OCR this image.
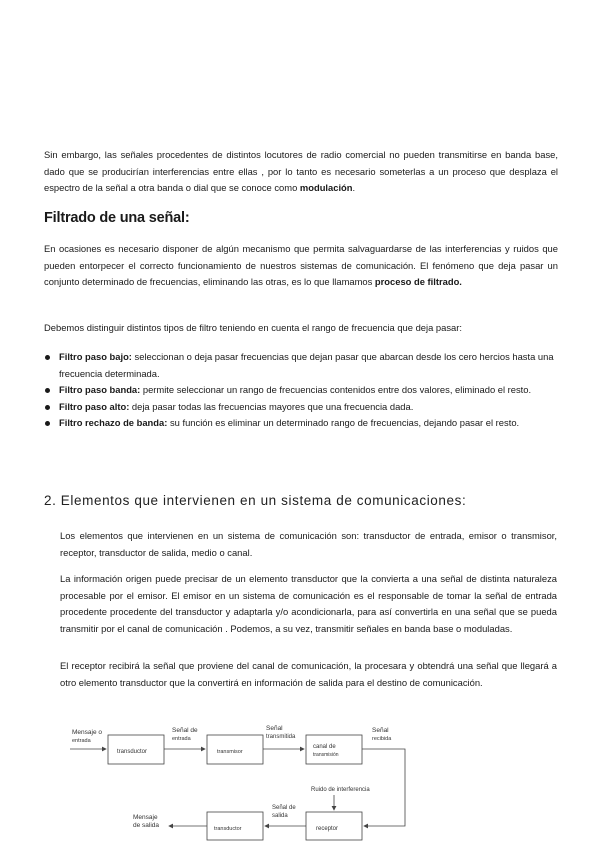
Sin embargo, las señales procedentes de distintos locutores de radio comercial no pueden transmitirse en banda base, dado que se producirían interferencias entre ellas , por lo tanto es necesario someterlas a un proceso que desplaza el espectro de la señal a otra banda o dial que se conoce como modulación.

Filtrado de una señal:

En ocasiones es necesario disponer de algún mecanismo que permita salvaguardarse de las interferencias y ruidos que pueden entorpecer el correcto funcionamiento de nuestros sistemas de comunicación. El fenómeno que deja pasar un conjunto determinado de frecuencias, eliminando las otras, es lo que llamamos proceso de filtrado.

Debemos distinguir distintos tipos de filtro teniendo en cuenta el rango de frecuencia que deja pasar:

Filtro paso bajo: seleccionan o deja pasar frecuencias que dejan pasar que abarcan desde los cero hercios hasta una frecuencia determinada.
Filtro paso banda: permite seleccionar un rango de frecuencias contenidos entre dos valores, eliminado el resto.
Filtro paso alto: deja pasar todas las frecuencias mayores que una frecuencia dada.
Filtro rechazo de banda: su función es eliminar un determinado rango de frecuencias, dejando pasar el resto.
2. Elementos que intervienen en un sistema de comunicaciones:

Los elementos que intervienen en un sistema de comunicación son: transductor de entrada, emisor o transmisor, receptor, transductor de salida, medio o canal.

La información origen puede precisar de un elemento transductor que la convierta a una señal de distinta naturaleza procesable por el emisor. El emisor en un sistema de comunicación es el responsable de tomar la señal de entrada procedente procedente del transductor y adaptarla y/o acondicionarla, para así convertirla en una señal que se pueda transmitir por el canal de comunicación . Podemos, a su vez, transmitir señales en banda base o moduladas.

El receptor recibirá la señal que proviene del canal de comunicación, la procesara y obtendrá una señal que llegará a otro elemento transductor que la convertirá en información de salida para el destino de comunicación.

Mensaje o
entrada
transductor
Señal de
entrada
transmisor
Señal
transmitida
canal de
transmisión
Señal
recibida
Ruido de interferencia
receptor
Señal de
salida
transductor
Mensaje
de salida
